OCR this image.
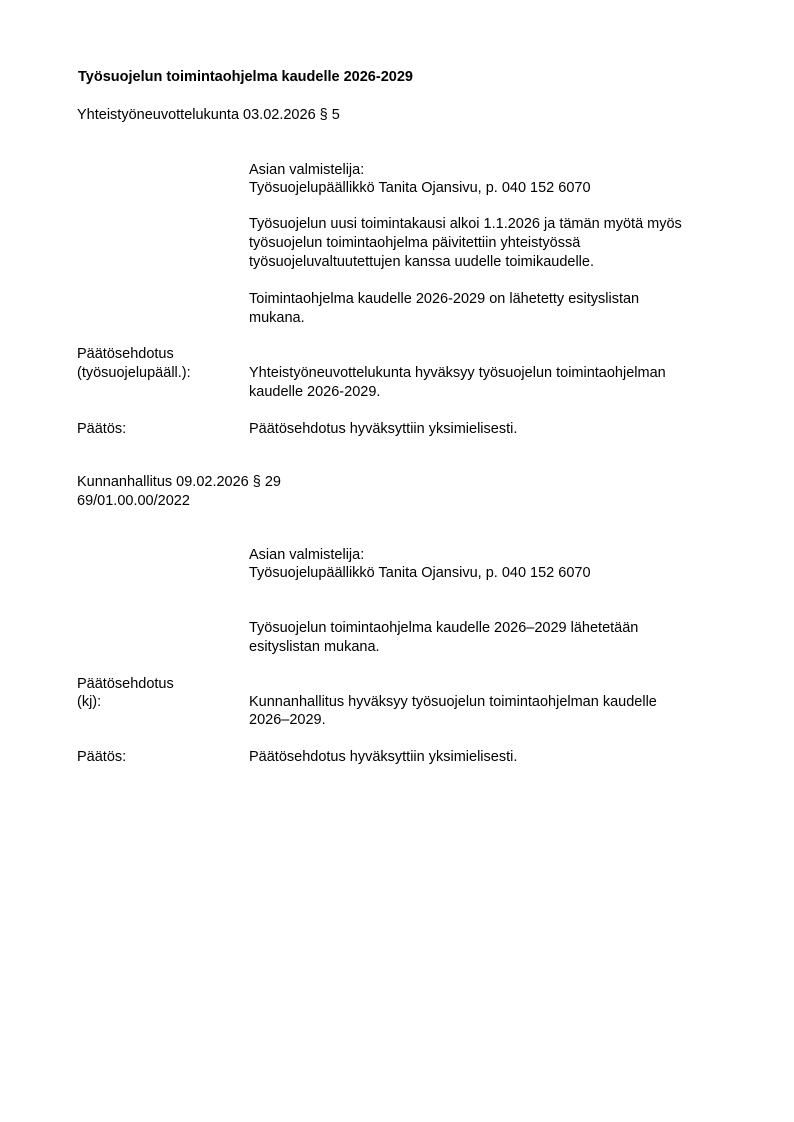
Työsuojelun toimintaohjelma kaudelle 2026-2029
Yhteistyöneuvottelukunta 03.02.2026 § 5
Asian valmistelija:
Työsuojelupäällikkö Tanita Ojansivu, p. 040 152 6070
Työsuojelun uusi toimintakausi alkoi 1.1.2026 ja tämän myötä myös
työsuojelun toimintaohjelma päivitettiin yhteistyössä
työsuojeluvaltuutettujen kanssa uudelle toimikaudelle.
Toimintaohjelma kaudelle 2026-2029 on lähetetty esityslistan
mukana.
Päätösehdotus
(työsuojelupääll.):	Yhteistyöneuvottelukunta hyväksyy työsuojelun toimintaohjelman
kaudelle 2026-2029.
Päätös:	Päätösehdotus hyväksyttiin yksimielisesti.
Kunnanhallitus 09.02.2026 § 29
69/01.00.00/2022
Asian valmistelija:
Työsuojelupäällikkö Tanita Ojansivu, p. 040 152 6070
Työsuojelun toimintaohjelma kaudelle 2026–2029 lähetetään
esityslistan mukana.
Päätösehdotus
(kj):	Kunnanhallitus hyväksyy työsuojelun toimintaohjelman kaudelle
2026–2029.
Päätös:	Päätösehdotus hyväksyttiin yksimielisesti.
